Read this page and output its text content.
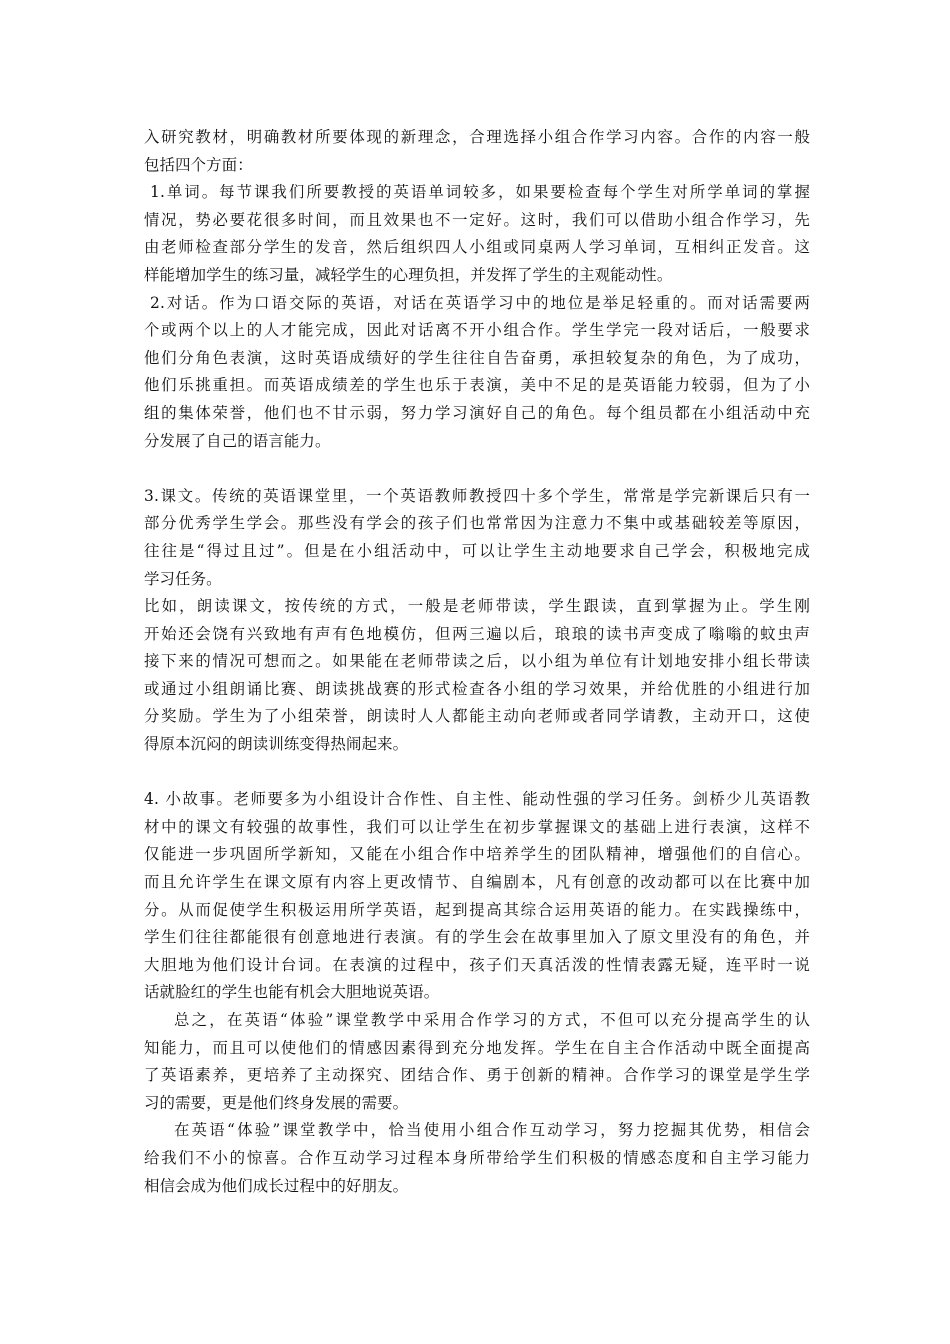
入研究教材，明确教材所要体现的新理念，合理选择小组合作学习内容。合作的内容一般
包括四个方面：
1.单词。每节课我们所要教授的英语单词较多，如果要检查每个学生对所学单词的掌握
情况，势必要花很多时间，而且效果也不一定好。这时，我们可以借助小组合作学习，先
由老师检查部分学生的发音，然后组织四人小组或同桌两人学习单词，互相纠正发音。这
样能增加学生的练习量，减轻学生的心理负担，并发挥了学生的主观能动性。
2.对话。作为口语交际的英语，对话在英语学习中的地位是举足轻重的。而对话需要两
个或两个以上的人才能完成，因此对话离不开小组合作。学生学完一段对话后，一般要求
他们分角色表演，这时英语成绩好的学生往往自告奋勇，承担较复杂的角色，为了成功，
他们乐挑重担。而英语成绩差的学生也乐于表演，美中不足的是英语能力较弱，但为了小
组的集体荣誉，他们也不甘示弱，努力学习演好自己的角色。每个组员都在小组活动中充
分发展了自己的语言能力。
3.课文。传统的英语课堂里，一个英语教师教授四十多个学生，常常是学完新课后只有一
部分优秀学生学会。那些没有学会的孩子们也常常因为注意力不集中或基础较差等原因，
往往是“得过且过”。但是在小组活动中，可以让学生主动地要求自己学会，积极地完成
学习任务。
比如，朗读课文，按传统的方式，一般是老师带读，学生跟读，直到掌握为止。学生刚
开始还会饶有兴致地有声有色地模仿，但两三遍以后，琅琅的读书声变成了嗡嗡的蚊虫声
接下来的情况可想而之。如果能在老师带读之后，以小组为单位有计划地安排小组长带读
或通过小组朗诵比赛、朗读挑战赛的形式检查各小组的学习效果，并给优胜的小组进行加
分奖励。学生为了小组荣誉，朗读时人人都能主动向老师或者同学请教，主动开口，这使
得原本沉闷的朗读训练变得热闹起来。
4. 小故事。老师要多为小组设计合作性、自主性、能动性强的学习任务。剑桥少儿英语教
材中的课文有较强的故事性，我们可以让学生在初步掌握课文的基础上进行表演，这样不
仅能进一步巩固所学新知，又能在小组合作中培养学生的团队精神，增强他们的自信心。
而且允许学生在课文原有内容上更改情节、自编剧本，凡有创意的改动都可以在比赛中加
分。从而促使学生积极运用所学英语，起到提高其综合运用英语的能力。在实践操练中，
学生们往往都能很有创意地进行表演。有的学生会在故事里加入了原文里没有的角色，并
大胆地为他们设计台词。在表演的过程中，孩子们天真活泼的性情表露无疑，连平时一说
话就脸红的学生也能有机会大胆地说英语。
总之，在英语“体验”课堂教学中采用合作学习的方式，不但可以充分提高学生的认
知能力，而且可以使他们的情感因素得到充分地发挥。学生在自主合作活动中既全面提高
了英语素养，更培养了主动探究、团结合作、勇于创新的精神。合作学习的课堂是学生学
习的需要，更是他们终身发展的需要。
在英语“体验”课堂教学中，恰当使用小组合作互动学习，努力挖掘其优势，相信会
给我们不小的惊喜。合作互动学习过程本身所带给学生们积极的情感态度和自主学习能力
相信会成为他们成长过程中的好朋友。
